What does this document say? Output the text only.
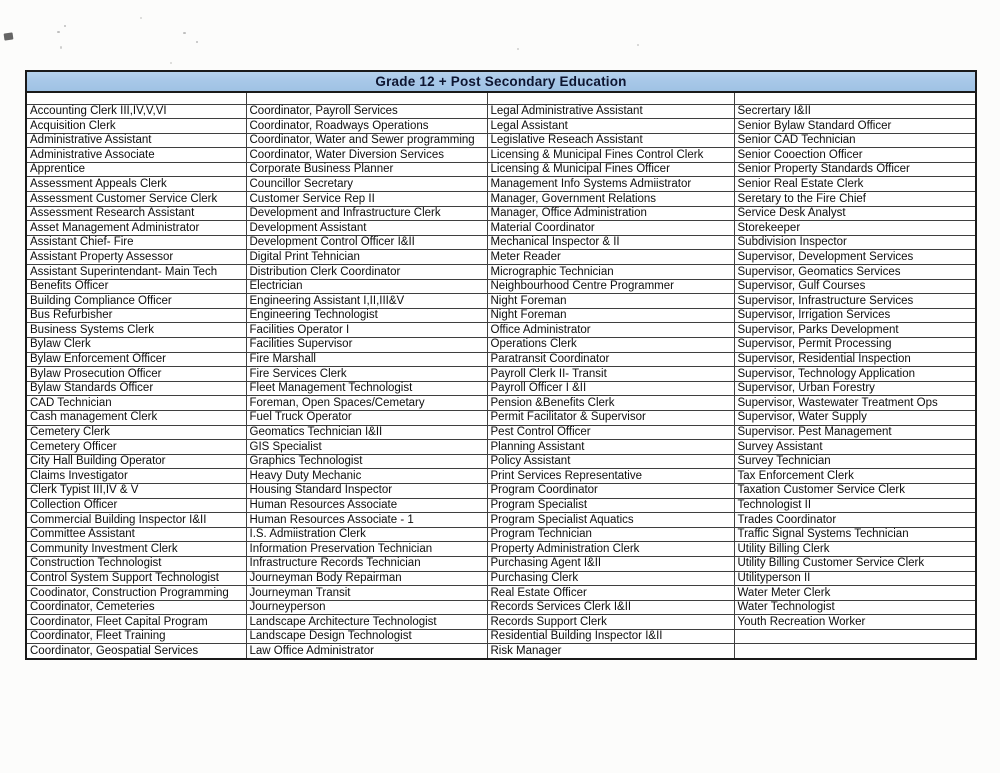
Grade 12 + Post Secondary Education			

Accounting Clerk III,IV,V,VI	Coordinator, Payroll Services	Legal Administrative Assistant	Secrertary I&II
Acquisition Clerk	Coordinator, Roadways Operations	Legal Assistant	Senior Bylaw Standard Officer
Administrative Assistant	Coordinator, Water and Sewer programming	Legislative Reseach Assistant	Senior CAD Technician
Administrative Associate	Coordinator, Water Diversion Services	Licensing & Municipal Fines Control Clerk	Senior Cooection Officer
Apprentice	Corporate Business Planner	Licensing & Municipal Fines Officer	Senior Property Standards Officer
Assessment Appeals Clerk	Councillor Secretary	Management Info Systems Admiistrator	Senior Real Estate Clerk
Assessment Customer Service Clerk	Customer Service Rep II	Manager, Government Relations	Seretary to the Fire Chief
Assessment Research Assistant	Development and Infrastructure Clerk	Manager, Office Administration	Service Desk Analyst
Asset Management Administrator	Development Assistant	Material Coordinator	Storekeeper
Assistant Chief- Fire	Development Control Officer I&II	Mechanical Inspector & II	Subdivision Inspector
Assistant Property Assessor	Digital Print Tehnician	Meter Reader	Supervisor, Development Services
Assistant Superintendant- Main Tech	Distribution Clerk Coordinator	Micrographic Technician	Supervisor, Geomatics Services
Benefits Officer	Electrician	Neighbourhood Centre Programmer	Supervisor, Gulf Courses
Building Compliance Officer	Engineering Assistant I,II,III&V	Night Foreman	Supervisor, Infrastructure Services
Bus Refurbisher	Engineering Technologist	Night Foreman	Supervisor, Irrigation Services
Business Systems Clerk	Facilities Operator I	Office Administrator	Supervisor, Parks Development
Bylaw Clerk	Facilities Supervisor	Operations Clerk	Supervisor, Permit Processing
Bylaw Enforcement Officer	Fire Marshall	Paratransit Coordinator	Supervisor, Residential Inspection
Bylaw Prosecution Officer	Fire Services Clerk	Payroll Clerk II- Transit	Supervisor, Technology Application
Bylaw Standards Officer	Fleet Management Technologist	Payroll Officer I &II	Supervisor, Urban Forestry
CAD Technician	Foreman, Open Spaces/Cemetary	Pension &Benefits Clerk	Supervisor, Wastewater Treatment Ops
Cash management Clerk	Fuel Truck Operator	Permit Facilitator & Supervisor	Supervisor, Water Supply
Cemetery Clerk	Geomatics Technician I&II	Pest Control Officer	Supervisor. Pest Management
Cemetery Officer	GIS Specialist	Planning Assistant	Survey Assistant
City Hall Building Operator	Graphics Technologist	Policy Assistant	Survey Technician
Claims Investigator	Heavy Duty Mechanic	Print Services Representative	Tax Enforcement Clerk
Clerk Typist III,IV & V	Housing Standard Inspector	Program Coordinator	Taxation Customer Service Clerk
Collection Officer	Human Resources Associate	Program Specialist	Technologist II
Commercial Building Inspector I&II	Human Resources Associate - 1	Program Specialist Aquatics	Trades Coordinator
Committee Assistant	I.S. Admiistration Clerk	Program Technician	Traffic Signal Systems Technician
Community Investment Clerk	Information Preservation Technician	Property Administration Clerk	Utility Billing Clerk
Construction Technologist	Infrastructure Records Technician	Purchasing Agent I&II	Utility Billing Customer Service Clerk
Control System Support Technologist	Journeyman Body Repairman	Purchasing Clerk	Utilityperson II
Coodinator, Construction Programming	Journeyman Transit	Real Estate Officer	Water Meter Clerk
Coordinator, Cemeteries	Journeyperson	Records Services Clerk I&II	Water Technologist
Coordinator, Fleet Capital Program	Landscape Architecture Technologist	Records Support Clerk	Youth Recreation Worker
Coordinator, Fleet Training	Landscape Design Technologist	Residential Building Inspector I&II	
Coordinator, Geospatial Services	Law Office Administrator	Risk Manager	
